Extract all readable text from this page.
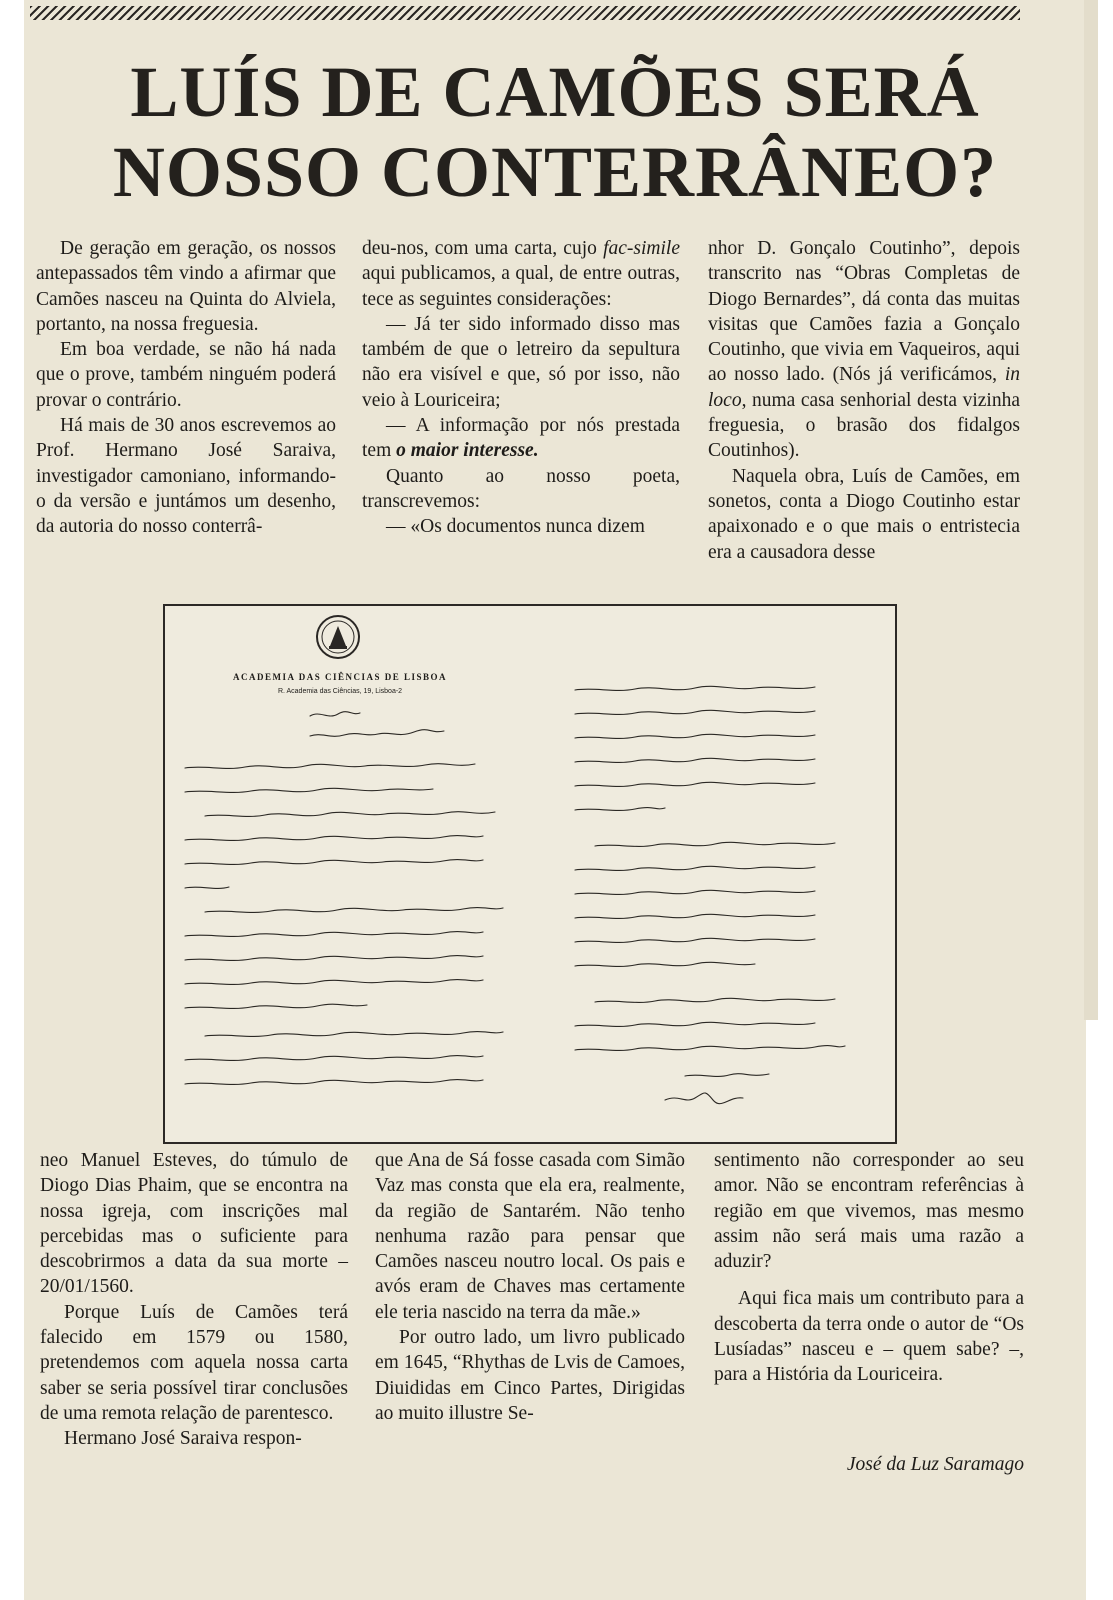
LUÍS DE CAMÕES SERÁ
NOSSO CONTERRÂNEO?

De geração em geração, os nossos antepassados têm vindo a afirmar que Camões nasceu na Quinta do Alviela, portanto, na nossa freguesia.

Em boa verdade, se não há nada que o prove, também ninguém poderá provar o contrário.

Há mais de 30 anos escrevemos ao Prof. Hermano José Saraiva, investigador camoniano, informando-o da versão e juntámos um desenho, da autoria do nosso conterrâ-

deu-nos, com uma carta, cujo fac-simile aqui publicamos, a qual, de entre outras, tece as seguintes considerações:

— Já ter sido informado disso mas também de que o letreiro da sepultura não era visível e que, só por isso, não veio à Louriceira;

— A informação por nós prestada tem o maior interesse.

Quanto ao nosso poeta, transcrevemos:

— «Os documentos nunca dizem

nhor D. Gonçalo Coutinho”, depois transcrito nas “Obras Completas de Diogo Bernardes”, dá conta das muitas visitas que Camões fazia a Gonçalo Coutinho, que vivia em Vaqueiros, aqui ao nosso lado. (Nós já verificámos, in loco, numa casa senhorial desta vizinha freguesia, o brasão dos fidalgos Coutinhos).

Naquela obra, Luís de Camões, em sonetos, conta a Diogo Coutinho estar apaixonado e o que mais o entristecia era a causadora desse

ACADEMIA DAS CIÊNCIAS DE LISBOA
R. Academia das Ciências, 19, Lisboa-2

neo Manuel Esteves, do túmulo de Diogo Dias Phaim, que se encontra na nossa igreja, com inscrições mal percebidas mas o suficiente para descobrirmos a data da sua morte – 20/01/1560.

Porque Luís de Camões terá falecido em 1579 ou 1580, pretendemos com aquela nossa carta saber se seria possível tirar conclusões de uma remota relação de parentesco.

Hermano José Saraiva respon-

que Ana de Sá fosse casada com Simão Vaz mas consta que ela era, realmente, da região de Santarém. Não tenho nenhuma razão para pensar que Camões nasceu noutro local. Os pais e avós eram de Chaves mas certamente ele teria nascido na terra da mãe.»

Por outro lado, um livro publicado em 1645, “Rhythas de Lvis de Camoes, Diuididas em Cinco Partes, Dirigidas ao muito illustre Se-

sentimento não corresponder ao seu amor. Não se encontram referências à região em que vivemos, mas mesmo assim não será mais uma razão a aduzir?

Aqui fica mais um contributo para a descoberta da terra onde o autor de “Os Lusíadas” nasceu e – quem sabe? –, para a História da Louriceira.

José da Luz Saramago
